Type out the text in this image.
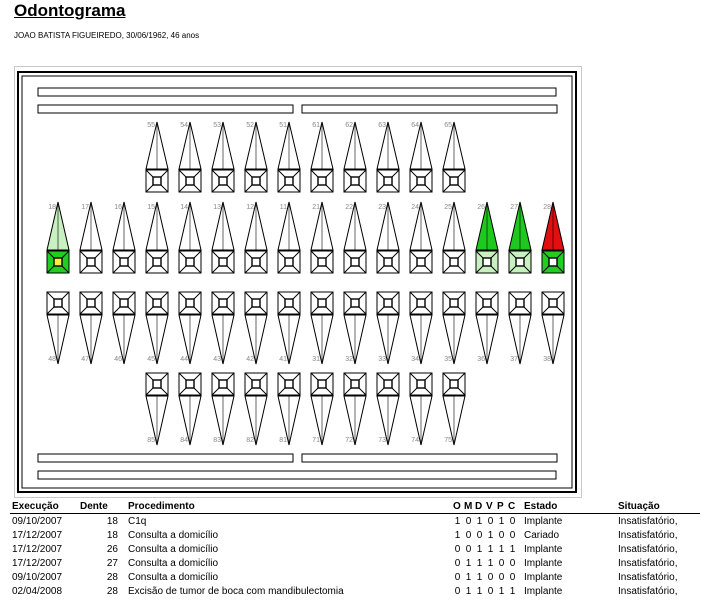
Odontograma
JOAO BATISTA FIGUEIREDO, 30/06/1962, 46 anos
55	54	53	52	51	61	62	63	64	65
18	17	16	15	14	13	12	11	21	22	23	24	25	26	27	28
48	47	46	45	44	43	42	41	31	32	33	34	35	36	37	38
85	84	83	82	81	71	72	73	74	75
Execução	Dente	Procedimento	O	M	D	V	P	C	Estado	Situação
09/10/2007	18	C1q	1	0	1	0	1	0	Implante	Insatisfatório,
17/12/2007	18	Consulta a domicílio	1	0	0	1	0	0	Cariado	Insatisfatório,
17/12/2007	26	Consulta a domicílio	0	0	1	1	1	1	Implante	Insatisfatório,
17/12/2007	27	Consulta a domicílio	0	1	1	1	0	0	Implante	Insatisfatório,
09/10/2007	28	Consulta a domicílio	0	1	1	0	0	0	Implante	Insatisfatório,
02/04/2008	28	Excisão de tumor de boca com mandibulectomia	0	1	1	0	1	1	Implante	Insatisfatório,
